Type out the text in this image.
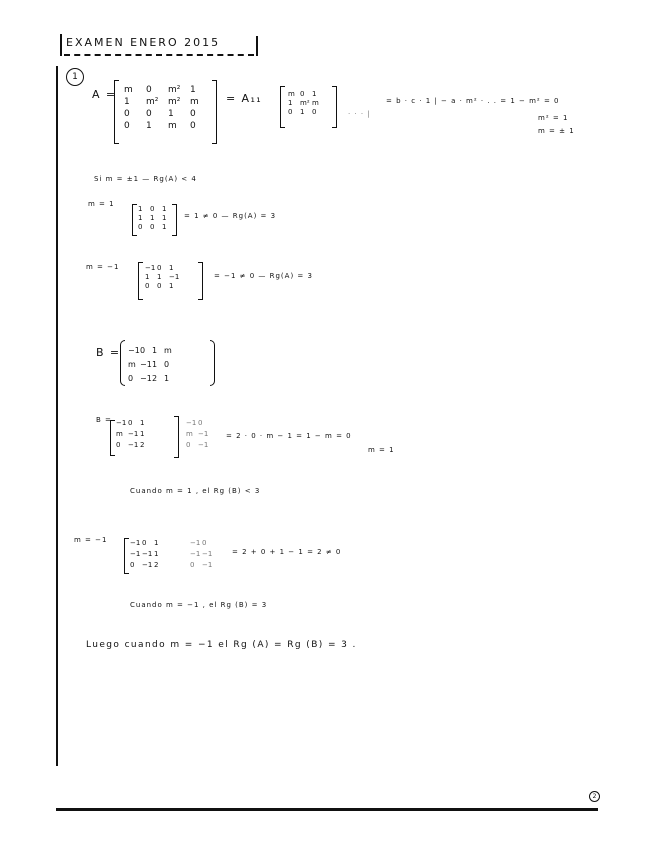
EXAMEN ENERO 2015
1
A = m 0 m² 1
1 m² m² m
0 0 1 0
0 1 m 0
= A₁₁	m 0 1
1 m² m
0 1 0	· · · |
= b · c · 1 | − a · m² · . . = 1 − m² = 0
m² = 1
m = ± 1
Si m = ±1 — Rg(A) < 4
m = 1
1 0 1
1 1 1
0 0 1
= 1 ≠ 0 — Rg(A) = 3
m = −1	−1 0 1
1 1 −1
0 0 1
= −1 ≠ 0 — Rg(A) = 3
B = −10 1 m
m −11 0
0 −12 1
B = −1 0 1
m −1 1
0 −1 2
−1 0
m −1
0 −1
= 2 · 0 · m − 1 = 1 − m = 0
m = 1
Cuando m = 1 , el Rg (B) < 3
m = −1	−1 0 1
−1 −1 1
0 −1 2
−1 0
−1 −1
0 −1
= 2 + 0 + 1 − 1 = 2 ≠ 0
Cuando m = −1 , el Rg (B) = 3
Luego cuando m = −1 el Rg (A) = Rg (B) = 3 .
2
